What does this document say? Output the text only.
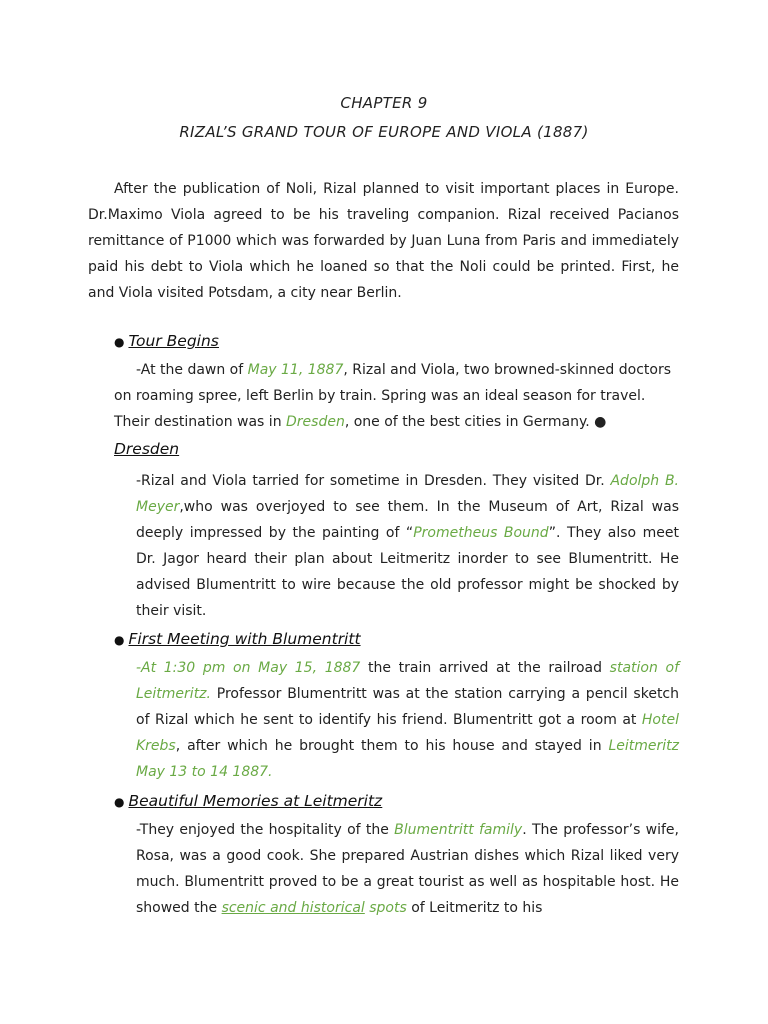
CHAPTER 9
RIZAL’S GRAND TOUR OF EUROPE AND VIOLA (1887)

After the publication of Noli, Rizal planned to visit important places in Europe. Dr.Maximo Viola agreed to be his traveling companion. Rizal received Pacianos remittance of P1000 which was forwarded by Juan Luna from Paris and immediately paid his debt to Viola which he loaned so that the Noli could be printed. First, he and Viola visited Potsdam, a city near Berlin.

● Tour Begins

-At the dawn of May 11, 1887, Rizal and Viola, two browned-skinned doctors on roaming spree, left Berlin by train. Spring was an ideal season for travel. Their destination was in Dresden, one of the best cities in Germany. ●

Dresden

-Rizal and Viola tarried for sometime in Dresden. They visited Dr. Adolph B. Meyer,who was overjoyed to see them. In the Museum of Art, Rizal was deeply impressed by the painting of “Prometheus Bound”. They also meet Dr. Jagor heard their plan about Leitmeritz inorder to see Blumentritt. He advised Blumentritt to wire because the old professor might be shocked by their visit.

● First Meeting with Blumentritt

-At 1:30 pm on May 15, 1887 the train arrived at the railroad station of Leitmeritz. Professor Blumentritt was at the station carrying a pencil sketch of Rizal which he sent to identify his friend. Blumentritt got a room at Hotel Krebs, after which he brought them to his house and stayed in Leitmeritz May 13 to 14 1887.

● Beautiful Memories at Leitmeritz

-They enjoyed the hospitality of the Blumentritt family. The professor’s wife, Rosa, was a good cook. She prepared Austrian dishes which Rizal liked very much. Blumentritt proved to be a great tourist as well as hospitable host. He showed the scenic and historical spots of Leitmeritz to his
